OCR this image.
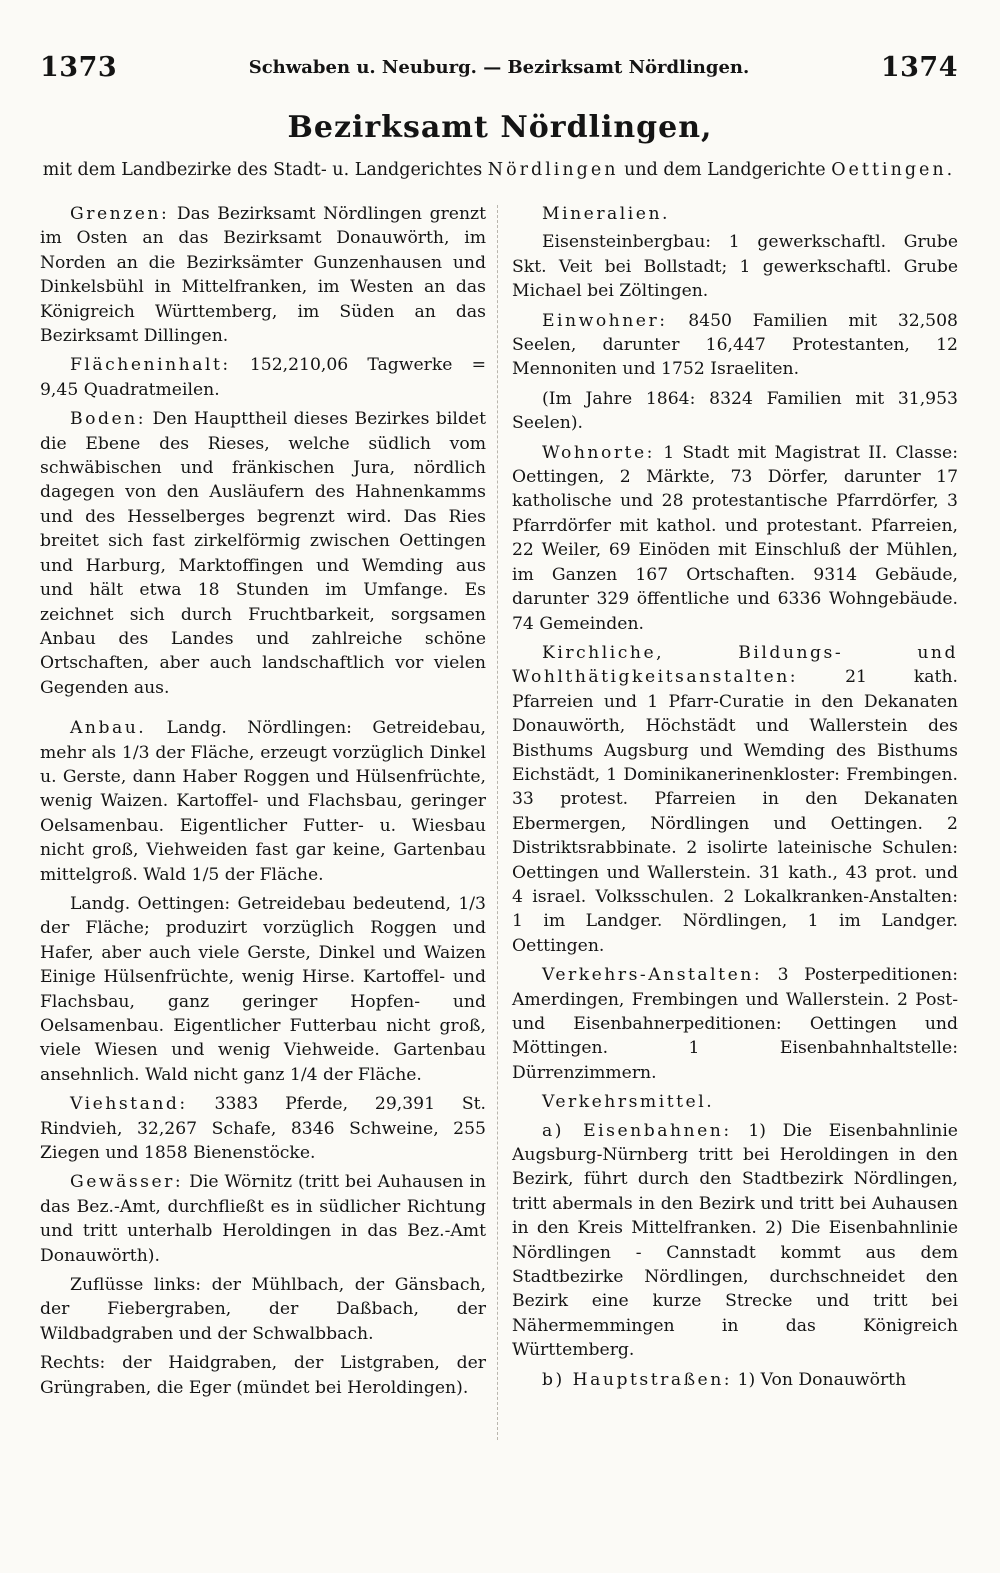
1373	Schwaben u. Neuburg. — Bezirksamt Nördlingen.	1374
Bezirksamt Nördlingen,
mit dem Landbezirke des Stadt- u. Landgerichtes Nördlingen und dem Landgerichte Oettingen.

Grenzen: Das Bezirksamt Nördlingen grenzt im Osten an das Bezirksamt Donauwörth, im Norden an die Bezirksämter Gunzenhausen und Dinkelsbühl in Mittelfranken, im Westen an das Königreich Württemberg, im Süden an das Bezirksamt Dillingen.

Flächeninhalt: 152,210,06 Tagwerke = 9,45 Quadratmeilen.

Boden: Den Haupttheil dieses Bezirkes bildet die Ebene des Rieses, welche südlich vom schwäbischen und fränkischen Jura, nördlich dagegen von den Ausläufern des Hahnenkamms und des Hesselberges begrenzt wird. Das Ries breitet sich fast zirkelförmig zwischen Oettingen und Harburg, Marktoffingen und Wemding aus und hält etwa 18 Stunden im Umfange. Es zeichnet sich durch Fruchtbarkeit, sorgsamen Anbau des Landes und zahlreiche schöne Ortschaften, aber auch landschaftlich vor vielen Gegenden aus.

Anbau. Landg. Nördlingen: Getreidebau, mehr als 1/3 der Fläche, erzeugt vorzüglich Dinkel u. Gerste, dann Haber Roggen und Hülsenfrüchte, wenig Waizen. Kartoffel- und Flachsbau, geringer Oelsamenbau. Eigentlicher Futter- u. Wiesbau nicht groß, Viehweiden fast gar keine, Gartenbau mittelgroß. Wald 1/5 der Fläche.

Landg. Oettingen: Getreidebau bedeutend, 1/3 der Fläche; produzirt vorzüglich Roggen und Hafer, aber auch viele Gerste, Dinkel und Waizen Einige Hülsenfrüchte, wenig Hirse. Kartoffel- und Flachsbau, ganz geringer Hopfen- und Oelsamenbau. Eigentlicher Futterbau nicht groß, viele Wiesen und wenig Viehweide. Gartenbau ansehnlich. Wald nicht ganz 1/4 der Fläche.

Viehstand: 3383 Pferde, 29,391 St. Rindvieh, 32,267 Schafe, 8346 Schweine, 255 Ziegen und 1858 Bienenstöcke.

Gewässer: Die Wörnitz (tritt bei Auhausen in das Bez.-Amt, durchfließt es in südlicher Richtung und tritt unterhalb Heroldingen in das Bez.-Amt Donauwörth).

Zuflüsse links: der Mühlbach, der Gänsbach, der Fiebergraben, der Daßbach, der Wildbadgraben und der Schwalbbach.

Rechts: der Haidgraben, der Listgraben, der Grüngraben, die Eger (mündet bei Heroldingen).

Mineralien.

Eisensteinbergbau: 1 gewerkschaftl. Grube Skt. Veit bei Bollstadt; 1 gewerkschaftl. Grube Michael bei Zöltingen.

Einwohner: 8450 Familien mit 32,508 Seelen, darunter 16,447 Protestanten, 12 Mennoniten und 1752 Israeliten.

(Im Jahre 1864: 8324 Familien mit 31,953 Seelen).

Wohnorte: 1 Stadt mit Magistrat II. Classe: Oettingen, 2 Märkte, 73 Dörfer, darunter 17 katholische und 28 protestantische Pfarrdörfer, 3 Pfarrdörfer mit kathol. und protestant. Pfarreien, 22 Weiler, 69 Einöden mit Einschluß der Mühlen, im Ganzen 167 Ortschaften. 9314 Gebäude, darunter 329 öffentliche und 6336 Wohngebäude. 74 Gemeinden.

Kirchliche, Bildungs- und Wohlthätigkeitsanstalten:	21 kath. Pfarreien und 1 Pfarr-Curatie in den Dekanaten Donauwörth, Höchstädt und Wallerstein des Bisthums Augsburg und Wemding des Bisthums Eichstädt, 1 Dominikanerinenkloster: Frembingen. 33 protest. Pfarreien in den Dekanaten Ebermergen, Nördlingen und Oettingen. 2 Distriktsrabbinate. 2 isolirte lateinische Schulen: Oettingen und Wallerstein. 31 kath., 43 prot. und 4 israel. Volksschulen. 2 Lokalkranken-Anstalten: 1 im Landger. Nördlingen, 1 im Landger. Oettingen.

Verkehrs-Anstalten: 3 Posterpeditionen: Amerdingen, Frembingen und Wallerstein. 2 Post- und Eisenbahnerpeditionen: Oettingen und Möttingen. 1 Eisenbahnhaltstelle: Dürrenzimmern.

Verkehrsmittel.

a) Eisenbahnen: 1) Die Eisenbahnlinie Augsburg-Nürnberg tritt bei Heroldingen in den Bezirk, führt durch den Stadtbezirk Nördlingen, tritt abermals in den Bezirk und tritt bei Auhausen in den Kreis Mittelfranken. 2) Die Eisenbahnlinie Nördlingen - Cannstadt kommt aus dem Stadtbezirke Nördlingen, durchschneidet den Bezirk eine kurze Strecke und tritt bei Nähermemmingen in das Königreich Württemberg.

b) Hauptstraßen: 1) Von Donauwörth
